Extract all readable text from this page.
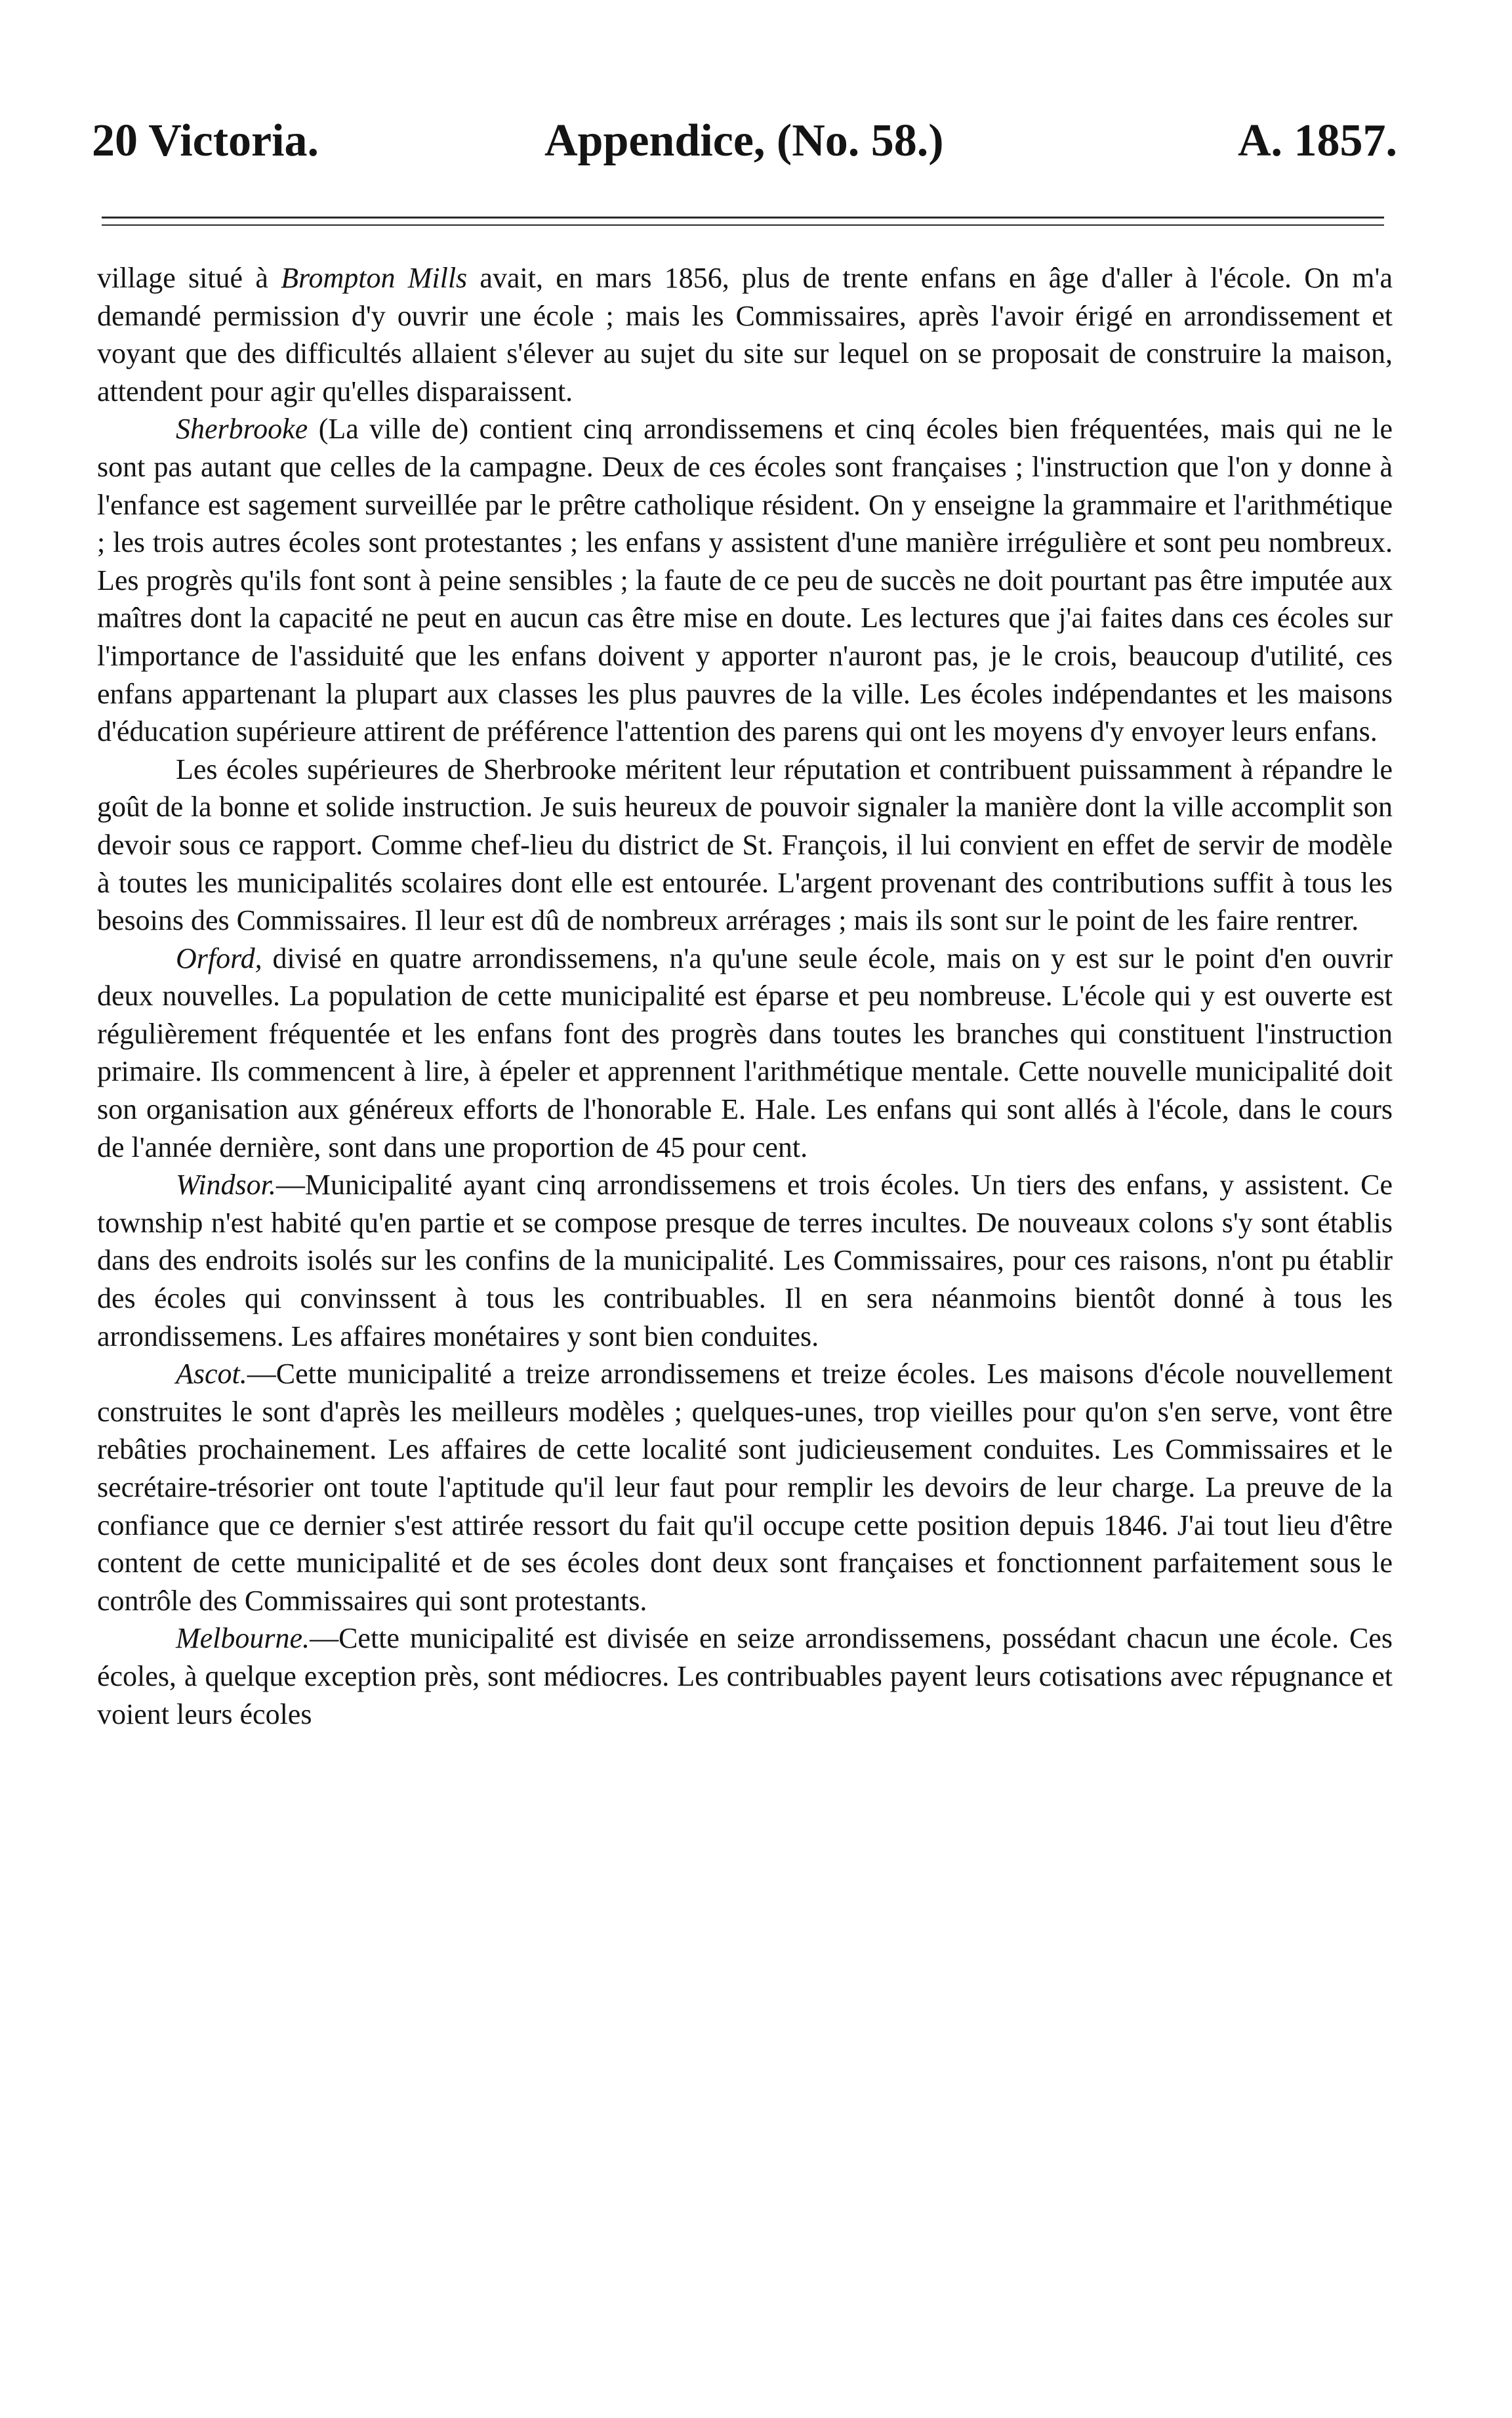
20 Victoria.	Appendice, (No. 58.)	A. 1857.

village situé à Brompton Mills avait, en mars 1856, plus de trente enfans en âge d'aller à l'école. On m'a demandé permission d'y ouvrir une école ; mais les Commissaires, après l'avoir érigé en arrondissement et voyant que des difficultés allaient s'élever au sujet du site sur lequel on se proposait de construire la maison, attendent pour agir qu'elles disparaissent.

Sherbrooke (La ville de) contient cinq arrondissemens et cinq écoles bien fréquentées, mais qui ne le sont pas autant que celles de la campagne. Deux de ces écoles sont françaises ; l'instruction que l'on y donne à l'enfance est sagement surveillée par le prêtre catholique résident. On y enseigne la grammaire et l'arithmétique ; les trois autres écoles sont protestantes ; les enfans y assistent d'une manière irrégulière et sont peu nombreux. Les progrès qu'ils font sont à peine sensibles ; la faute de ce peu de succès ne doit pourtant pas être imputée aux maîtres dont la capacité ne peut en aucun cas être mise en doute. Les lectures que j'ai faites dans ces écoles sur l'importance de l'assiduité que les enfans doivent y apporter n'auront pas, je le crois, beaucoup d'utilité, ces enfans appartenant la plupart aux classes les plus pauvres de la ville. Les écoles indépendantes et les maisons d'éducation supérieure attirent de préférence l'attention des parens qui ont les moyens d'y envoyer leurs enfans.

Les écoles supérieures de Sherbrooke méritent leur réputation et contribuent puissamment à répandre le goût de la bonne et solide instruction. Je suis heureux de pouvoir signaler la manière dont la ville accomplit son devoir sous ce rapport. Comme chef-lieu du district de St. François, il lui convient en effet de servir de modèle à toutes les municipalités scolaires dont elle est entourée. L'argent provenant des contributions suffit à tous les besoins des Commissaires. Il leur est dû de nombreux arrérages ; mais ils sont sur le point de les faire rentrer.

Orford, divisé en quatre arrondissemens, n'a qu'une seule école, mais on y est sur le point d'en ouvrir deux nouvelles. La population de cette municipalité est éparse et peu nombreuse. L'école qui y est ouverte est régulièrement fréquentée et les enfans font des progrès dans toutes les branches qui constituent l'instruction primaire. Ils commencent à lire, à épeler et apprennent l'arithmétique mentale. Cette nouvelle municipalité doit son organisation aux généreux efforts de l'honorable E. Hale. Les enfans qui sont allés à l'école, dans le cours de l'année dernière, sont dans une proportion de 45 pour cent.

Windsor.—Municipalité ayant cinq arrondissemens et trois écoles. Un tiers des enfans, y assistent. Ce township n'est habité qu'en partie et se compose presque de terres incultes. De nouveaux colons s'y sont établis dans des endroits isolés sur les confins de la municipalité. Les Commissaires, pour ces raisons, n'ont pu établir des écoles qui convinssent à tous les contribuables. Il en sera néanmoins bientôt donné à tous les arrondissemens. Les affaires monétaires y sont bien conduites.

Ascot.—Cette municipalité a treize arrondissemens et treize écoles. Les maisons d'école nouvellement construites le sont d'après les meilleurs modèles ; quelques-unes, trop vieilles pour qu'on s'en serve, vont être rebâties prochainement. Les affaires de cette localité sont judicieusement conduites. Les Commissaires et le secrétaire-trésorier ont toute l'aptitude qu'il leur faut pour remplir les devoirs de leur charge. La preuve de la confiance que ce dernier s'est attirée ressort du fait qu'il occupe cette position depuis 1846. J'ai tout lieu d'être content de cette municipalité et de ses écoles dont deux sont françaises et fonctionnent parfaitement sous le contrôle des Commissaires qui sont protestants.

Melbourne.—Cette municipalité est divisée en seize arrondissemens, possédant chacun une école. Ces écoles, à quelque exception près, sont médiocres. Les contribuables payent leurs cotisations avec répugnance et voient leurs écoles
